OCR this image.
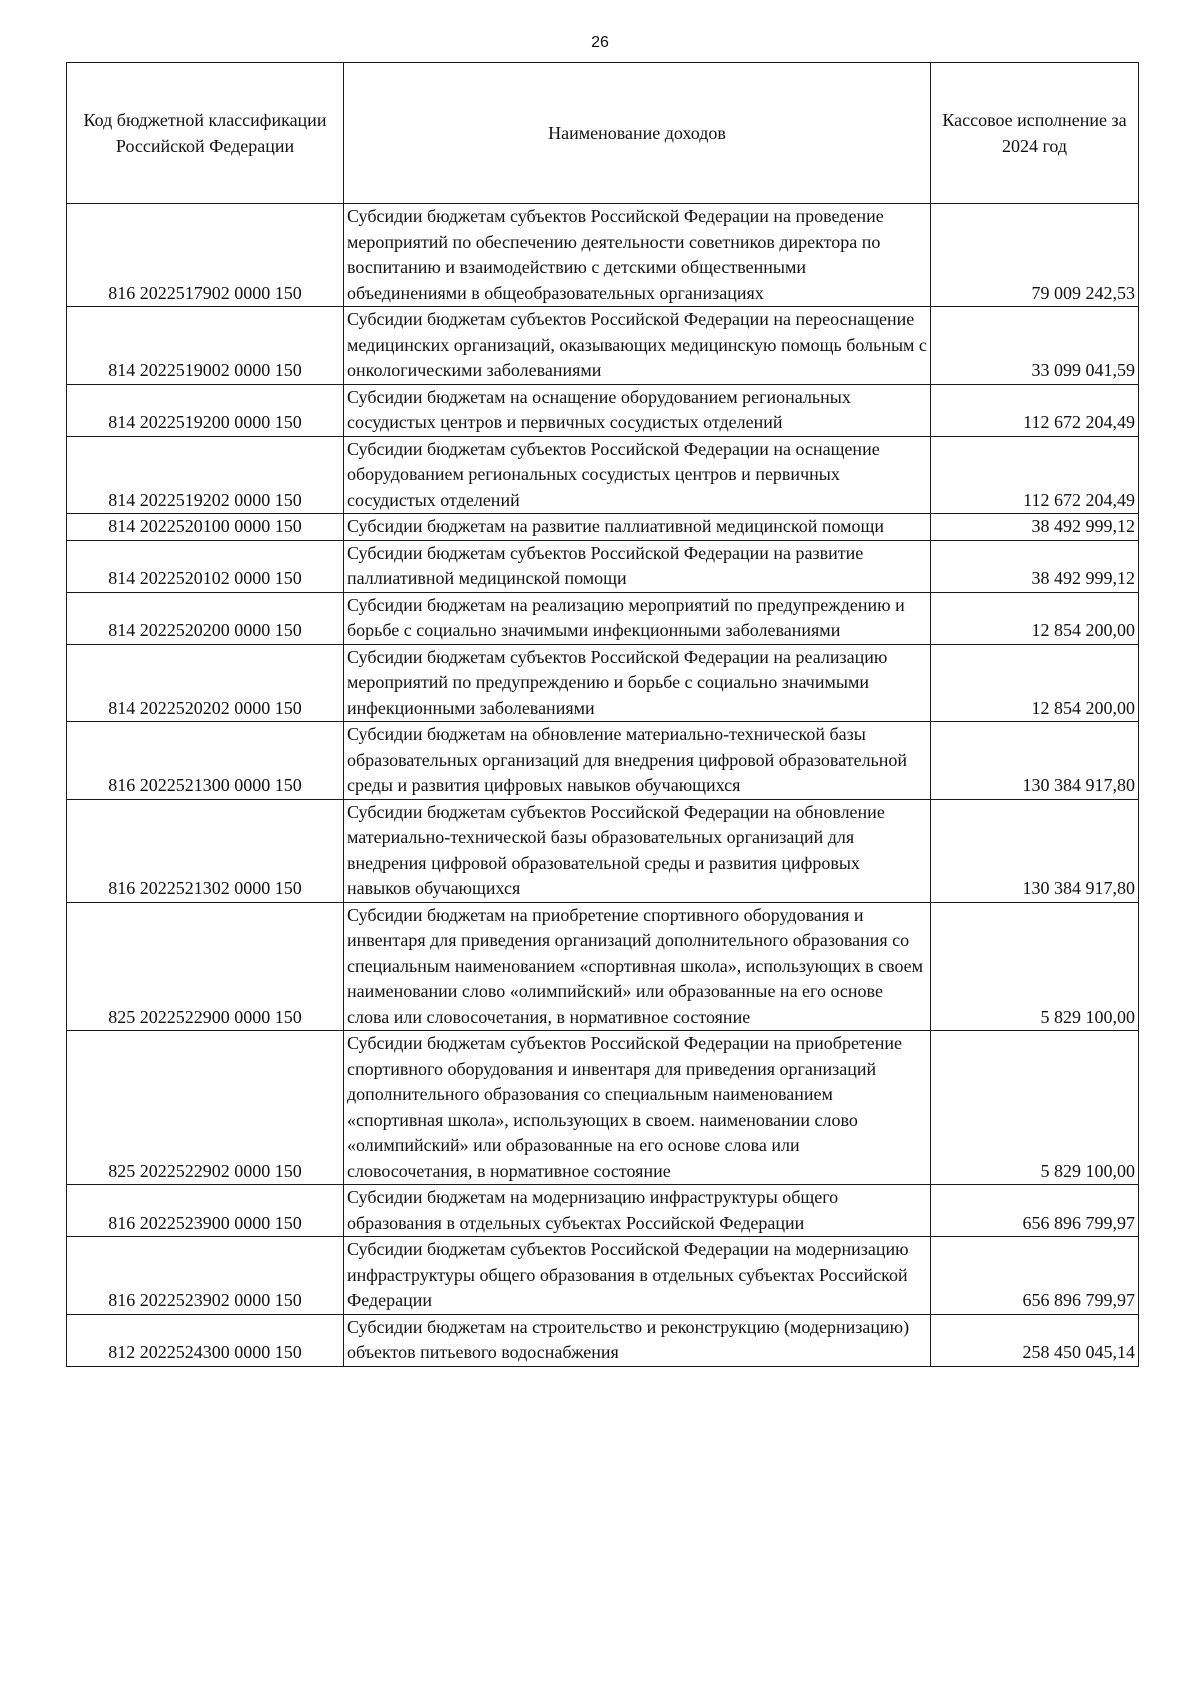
26
Код бюджетной классификации Российской Федерации	Наименование доходов	Кассовое исполнение за 2024 год
816 2022517902 0000 150	Субсидии бюджетам субъектов Российской Федерации на проведение мероприятий по обеспечению деятельности советников директора по воспитанию и взаимодействию с детскими общественными объединениями в общеобразовательных организациях	79 009 242,53
814 2022519002 0000 150	Субсидии бюджетам субъектов Российской Федерации на переоснащение медицинских организаций, оказывающих медицинскую помощь больным с онкологическими заболеваниями	33 099 041,59
814 2022519200 0000 150	Субсидии бюджетам на оснащение оборудованием региональных сосудистых центров и первичных сосудистых отделений	112 672 204,49
814 2022519202 0000 150	Субсидии бюджетам субъектов Российской Федерации на оснащение оборудованием региональных сосудистых центров и первичных сосудистых отделений	112 672 204,49
814 2022520100 0000 150	Субсидии бюджетам на развитие паллиативной медицинской помощи	38 492 999,12
814 2022520102 0000 150	Субсидии бюджетам субъектов Российской Федерации на развитие паллиативной медицинской помощи	38 492 999,12
814 2022520200 0000 150	Субсидии бюджетам на реализацию мероприятий по предупреждению и борьбе с социально значимыми инфекционными заболеваниями	12 854 200,00
814 2022520202 0000 150	Субсидии бюджетам субъектов Российской Федерации на реализацию мероприятий по предупреждению и борьбе с социально значимыми инфекционными заболеваниями	12 854 200,00
816 2022521300 0000 150	Субсидии бюджетам на обновление материально-технической базы образовательных организаций для внедрения цифровой образовательной среды и развития цифровых навыков обучающихся	130 384 917,80
816 2022521302 0000 150	Субсидии бюджетам субъектов Российской Федерации на обновление материально-технической базы образовательных организаций для внедрения цифровой образовательной среды и развития цифровых навыков обучающихся	130 384 917,80
825 2022522900 0000 150	Субсидии бюджетам на приобретение спортивного оборудования и инвентаря для приведения организаций дополнительного образования со специальным наименованием «спортивная школа», использующих в своем наименовании слово «олимпийский» или образованные на его основе слова или словосочетания, в нормативное состояние	5 829 100,00
825 2022522902 0000 150	Субсидии бюджетам субъектов Российской Федерации на приобретение спортивного оборудования и инвентаря для приведения организаций дополнительного образования со специальным наименованием «спортивная школа», использующих в своем. наименовании слово «олимпийский» или образованные на его основе слова или словосочетания, в нормативное состояние	5 829 100,00
816 2022523900 0000 150	Субсидии бюджетам на модернизацию инфраструктуры общего образования в отдельных субъектах Российской Федерации	656 896 799,97
816 2022523902 0000 150	Субсидии бюджетам субъектов Российской Федерации на модернизацию инфраструктуры общего образования в отдельных субъектах Российской Федерации	656 896 799,97
812 2022524300 0000 150	Субсидии бюджетам на строительство и реконструкцию (модернизацию) объектов питьевого водоснабжения	258 450 045,14
